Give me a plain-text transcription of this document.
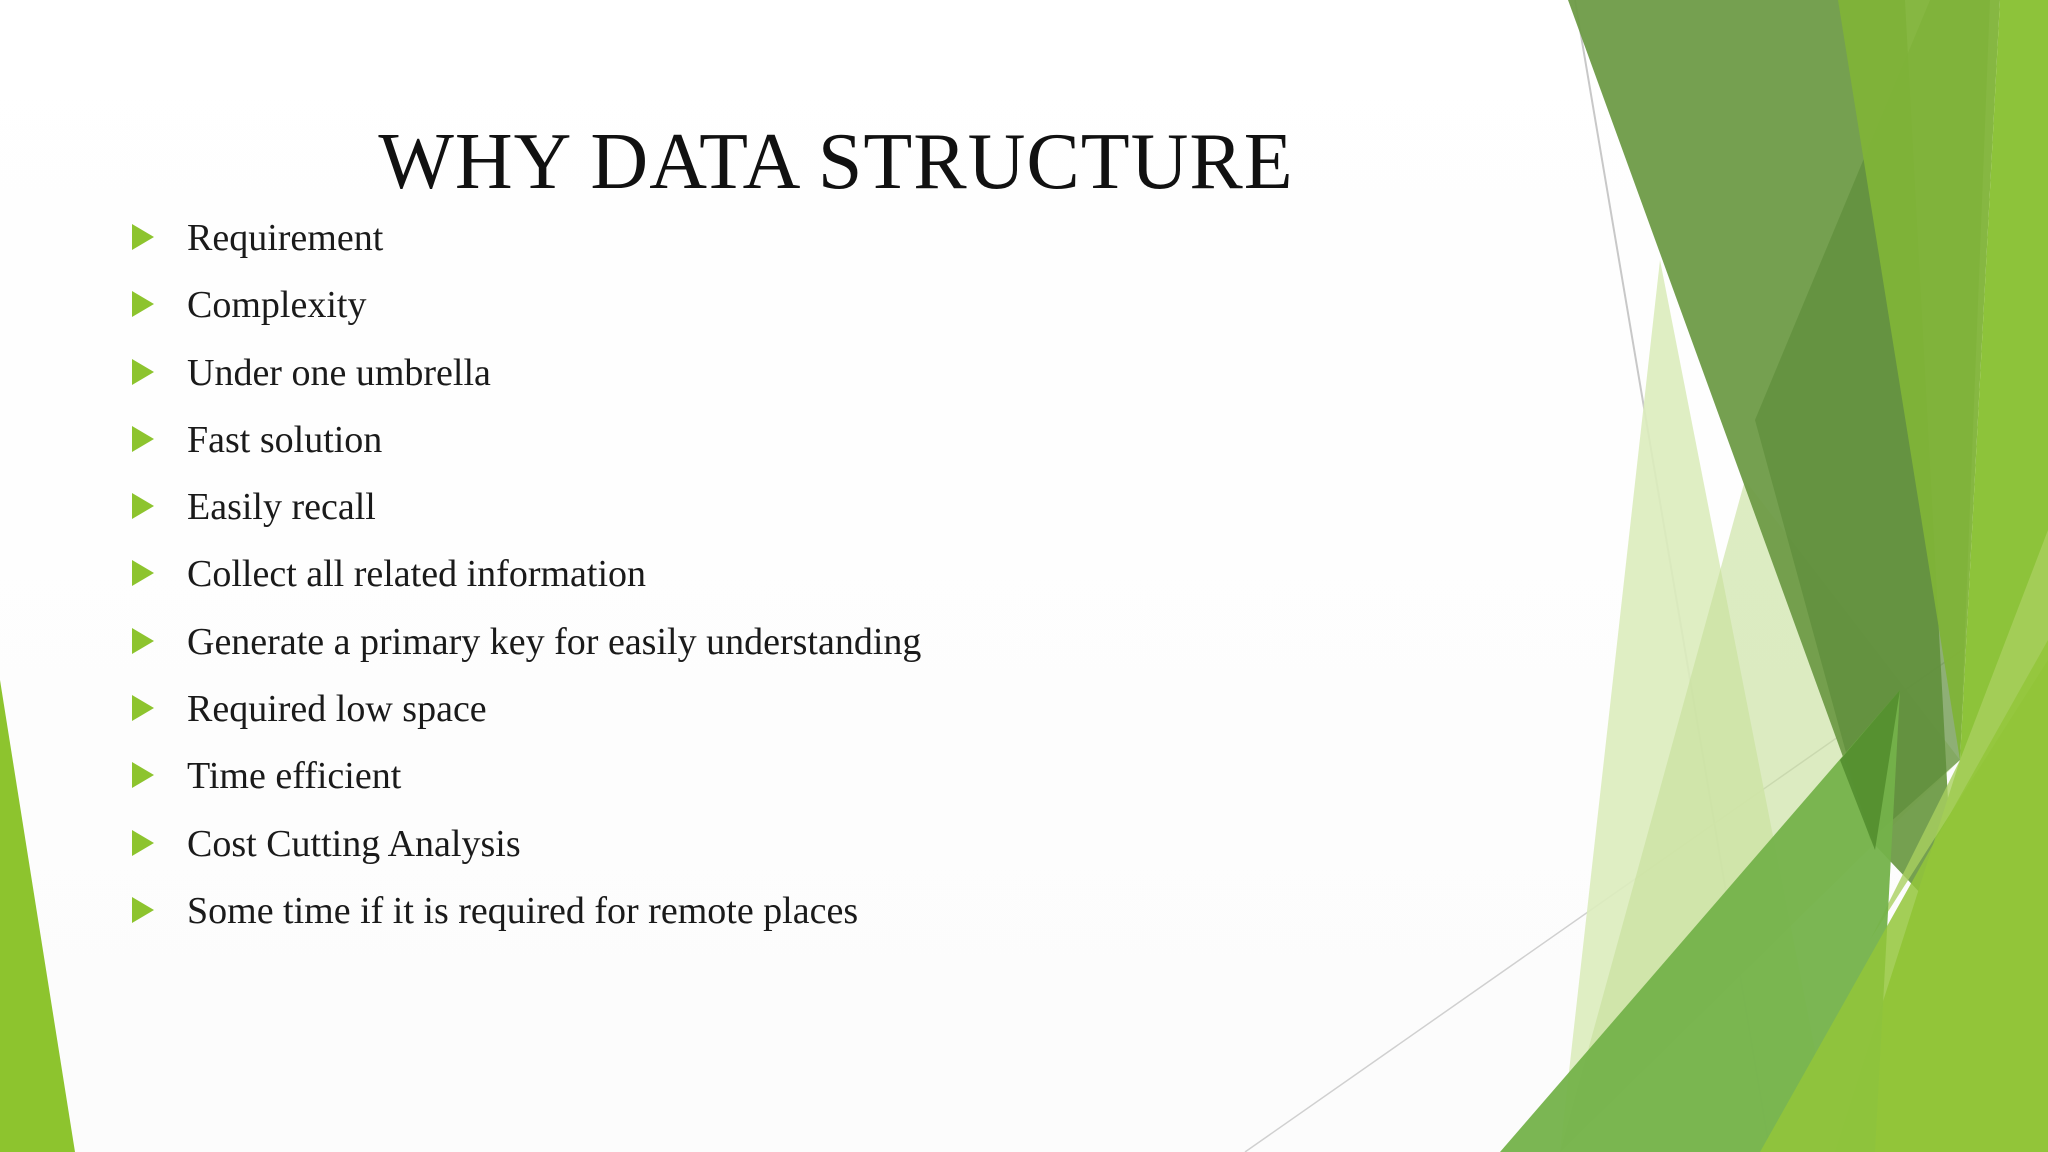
WHY DATA STRUCTURE
Requirement
Complexity
Under one umbrella
Fast solution
Easily recall
Collect all related information
Generate a primary key for easily understanding
Required low space
Time efficient
Cost Cutting Analysis
Some time if it is required for remote places
